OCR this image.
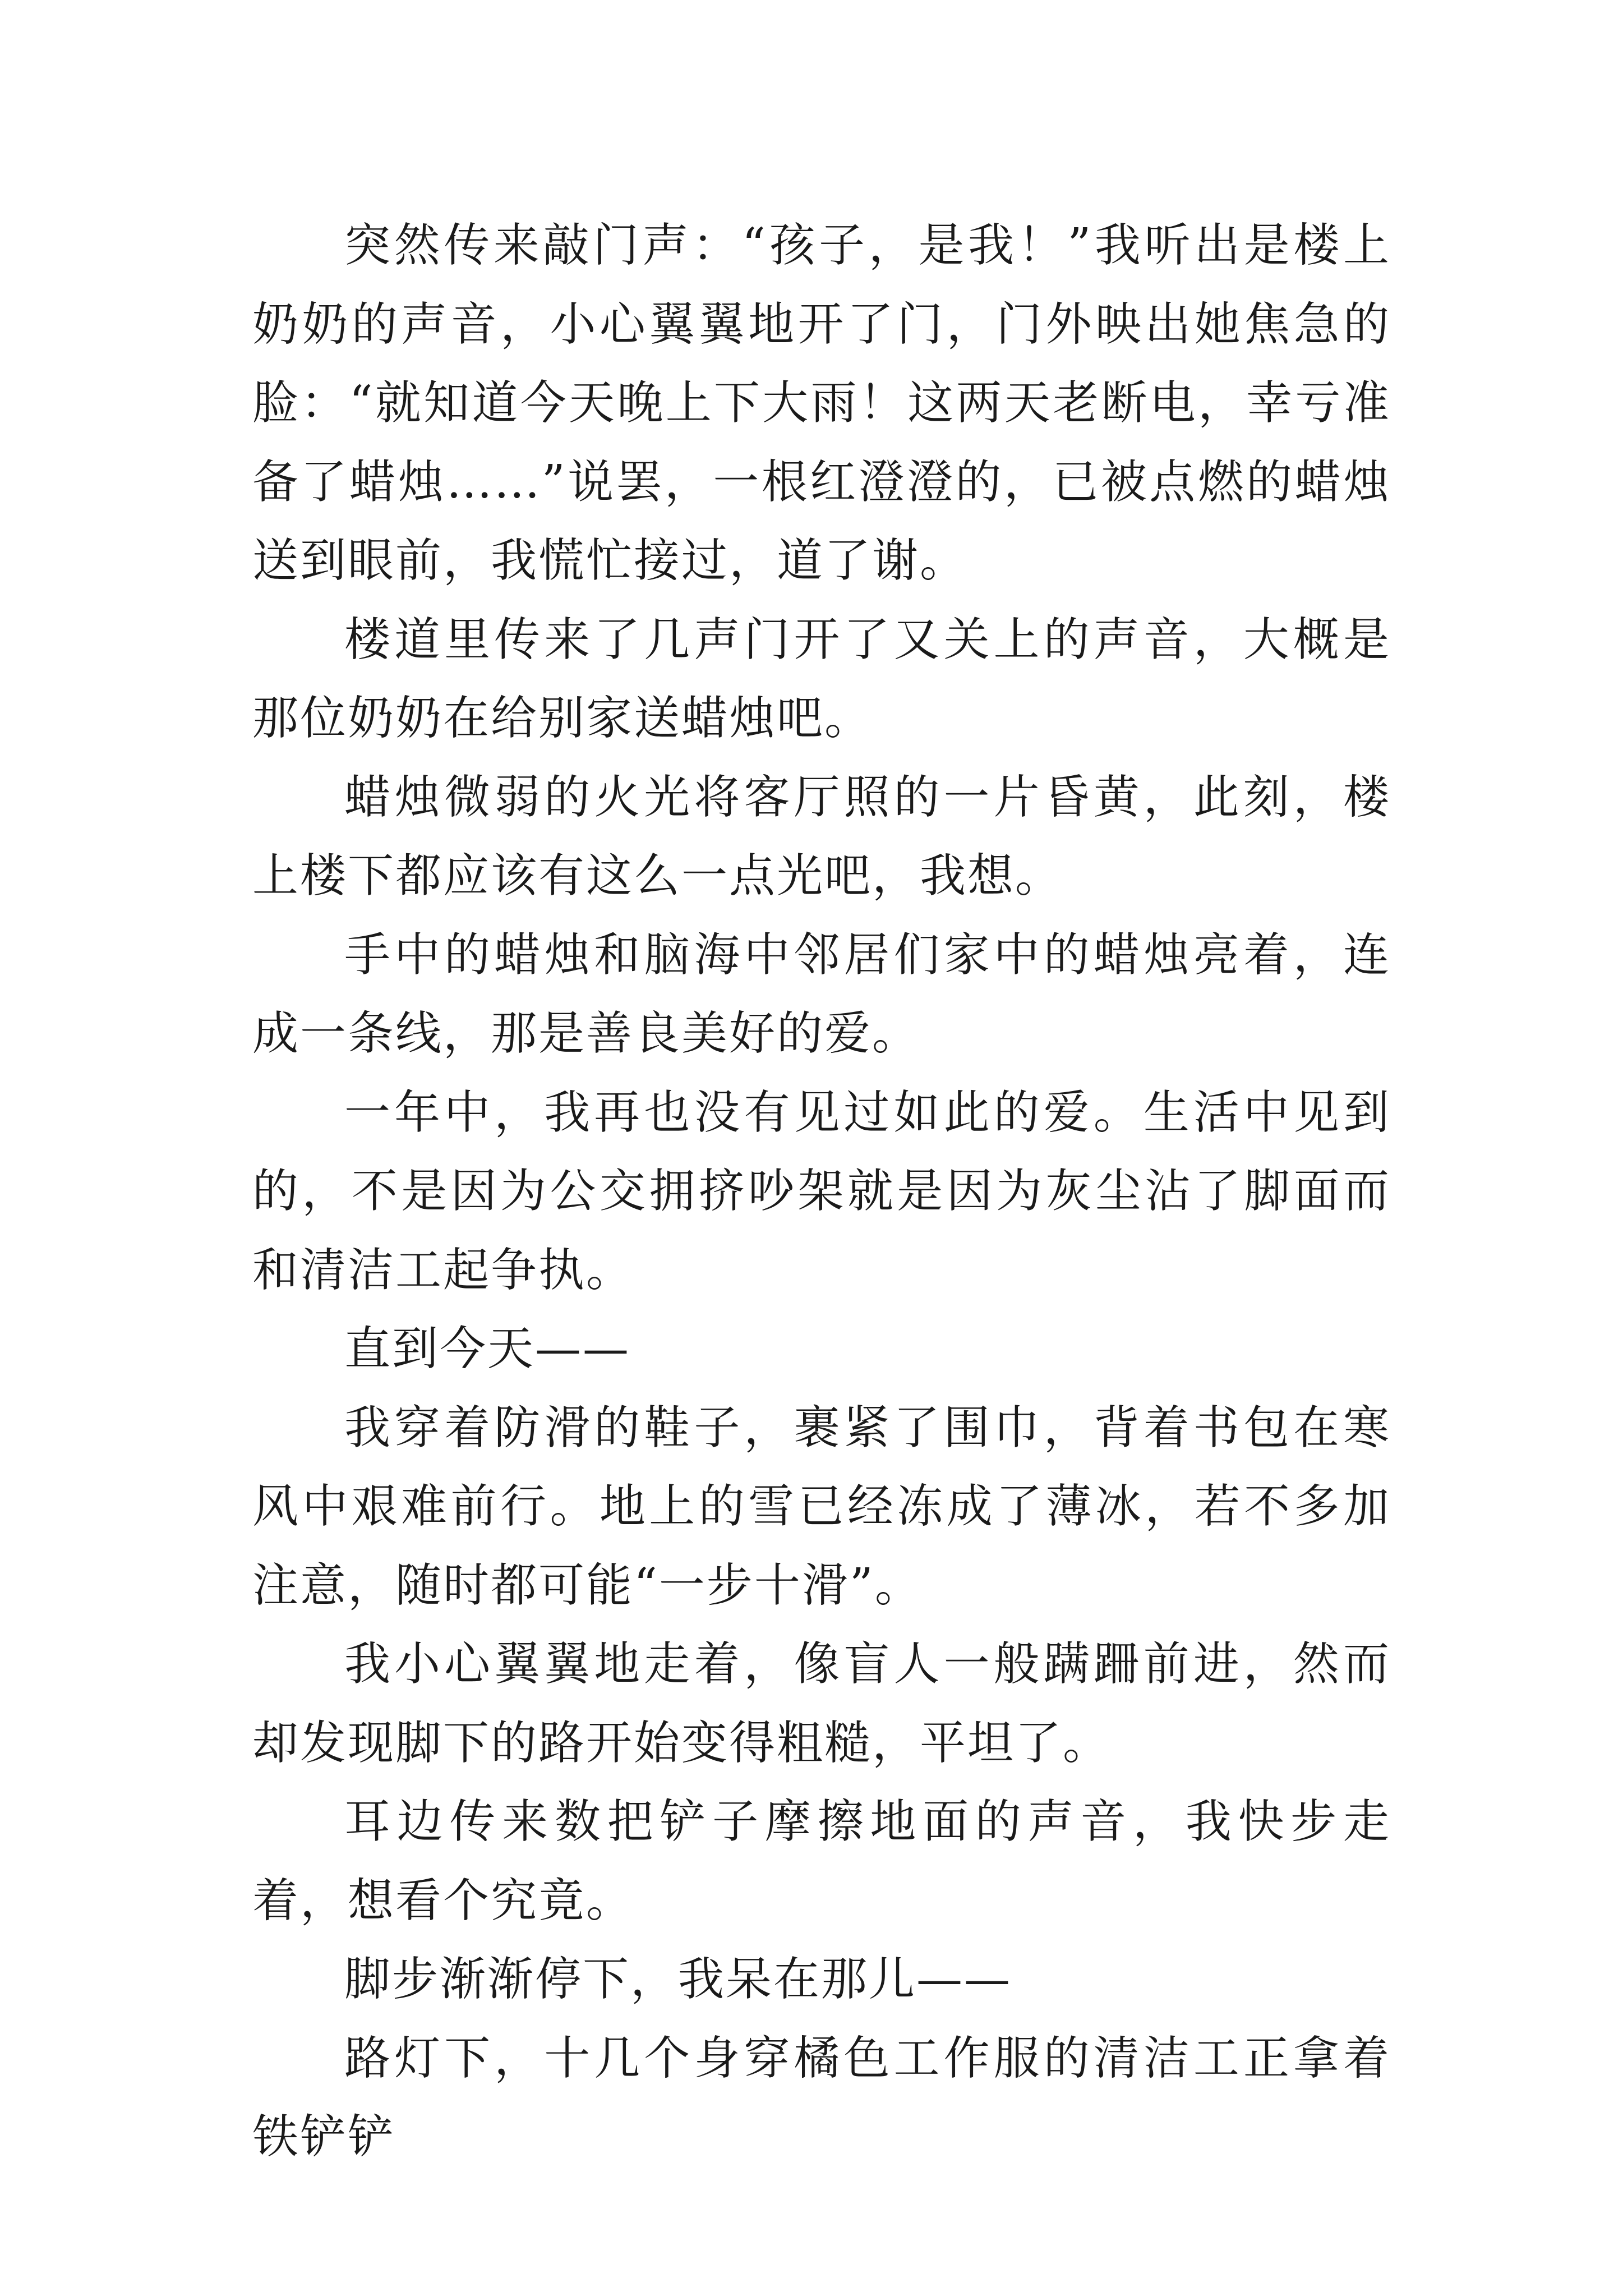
突然传来敲门声：“孩子，是我！”我听出是楼上奶奶的声音，小心翼翼地开了门，门外映出她焦急的脸：“就知道今天晚上下大雨！这两天老断电，幸亏准备了蜡烛……”说罢，一根红澄澄的，已被点燃的蜡烛送到眼前，我慌忙接过，道了谢。

楼道里传来了几声门开了又关上的声音，大概是那位奶奶在给别家送蜡烛吧。

蜡烛微弱的火光将客厅照的一片昏黄，此刻，楼上楼下都应该有这么一点光吧，我想。

手中的蜡烛和脑海中邻居们家中的蜡烛亮着，连成一条线，那是善良美好的爱。

一年中，我再也没有见过如此的爱。生活中见到的，不是因为公交拥挤吵架就是因为灰尘沾了脚面而和清洁工起争执。

直到今天——

我穿着防滑的鞋子，裹紧了围巾，背着书包在寒风中艰难前行。地上的雪已经冻成了薄冰，若不多加注意，随时都可能“一步十滑”。

我小心翼翼地走着，像盲人一般蹒跚前进，然而却发现脚下的路开始变得粗糙，平坦了。

耳边传来数把铲子摩擦地面的声音，我快步走着，想看个究竟。

脚步渐渐停下，我呆在那儿——

路灯下，十几个身穿橘色工作服的清洁工正拿着铁铲铲
